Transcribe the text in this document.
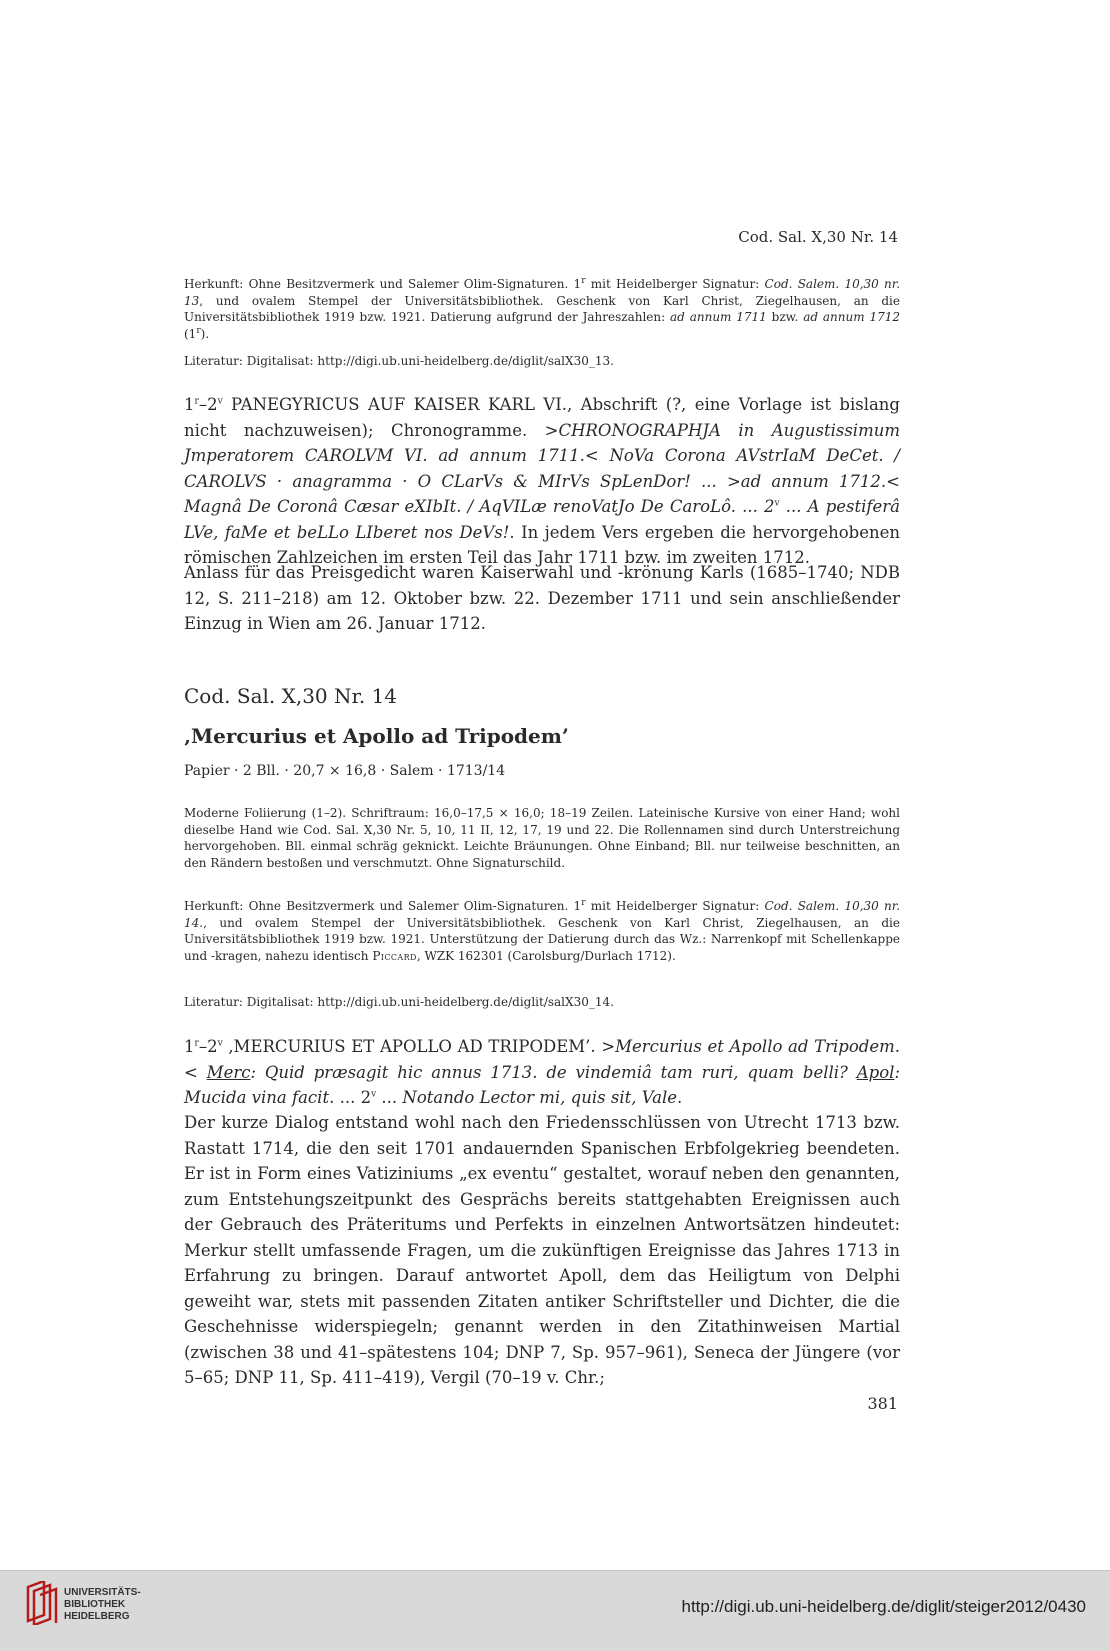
Cod. Sal. X,30 Nr. 14
Herkunft: Ohne Besitzvermerk und Salemer Olim-Signaturen. 1$^r$ mit Heidelberger Signatur: Cod. Salem. 10,30 nr. 13, und ovalem Stempel der Universitätsbibliothek. Geschenk von Karl Christ, Ziegelhausen, an die Universitätsbibliothek 1919 bzw. 1921. Datierung aufgrund der Jahreszahlen: ad annum 1711 bzw. ad annum 1712 (1$^r$).
Literatur: Digitalisat: http://digi.ub.uni-heidelberg.de/diglit/salX30_13.
1$^r$–2$^v$ PANEGYRICUS AUF KAISER KARL VI., Abschrift (?, eine Vorlage ist bislang nicht nachzuweisen); Chronogramme. >CHRONOGRAPHJA in Augustissimum Jmperatorem CAROLVM VI. ad annum 1711.< NoVa Corona AVstrIaM DeCet. / CAROLVS · anagramma · O CLarVs & MIrVs SpLenDor! ... >ad annum 1712.< Magnâ De Coronâ Cæsar eXIbIt. / AqVILæ renoVatJo De CaroLô. ... 2$^v$ ... A pestiferâ LVe, faMe et beLLo LIberet nos DeVs!. In jedem Vers ergeben die hervorgehobenen römischen Zahlzeichen im ersten Teil das Jahr 1711 bzw. im zweiten 1712.
Anlass für das Preisgedicht waren Kaiserwahl und -krönung Karls (1685–1740; NDB 12, S. 211–218) am 12. Oktober bzw. 22. Dezember 1711 und sein anschließender Einzug in Wien am 26. Januar 1712.
Cod. Sal. X,30 Nr. 14
‚Mercurius et Apollo ad Tripodem’
Papier · 2 Bll. · 20,7 × 16,8 · Salem · 1713/14
Moderne Foliierung (1–2). Schriftraum: 16,0–17,5 × 16,0; 18–19 Zeilen. Lateinische Kursive von einer Hand; wohl dieselbe Hand wie Cod. Sal. X,30 Nr. 5, 10, 11 II, 12, 17, 19 und 22. Die Rollennamen sind durch Unterstreichung hervorgehoben. Bll. einmal schräg geknickt. Leichte Bräunungen. Ohne Einband; Bll. nur teilweise beschnitten, an den Rändern bestoßen und verschmutzt. Ohne Signaturschild.
Herkunft: Ohne Besitzvermerk und Salemer Olim-Signaturen. 1$^r$ mit Heidelberger Signatur: Cod. Salem. 10,30 nr. 14., und ovalem Stempel der Universitätsbibliothek. Geschenk von Karl Christ, Ziegelhausen, an die Universitätsbibliothek 1919 bzw. 1921. Unterstützung der Datierung durch das Wz.: Narrenkopf mit Schellenkappe und -kragen, nahezu identisch Piccard, WZK 162301 (Carolsburg/Durlach 1712).
Literatur: Digitalisat: http://digi.ub.uni-heidelberg.de/diglit/salX30_14.
1$^r$–2$^v$ ‚MERCURIUS ET APOLLO AD TRIPODEM’. >Mercurius et Apollo ad Tripodem.< Merc: Quid præsagit hic annus 1713. de vindemiâ tam ruri, quam belli? Apol: Mucida vina facit. ... 2$^v$ ... Notando Lector mi, quis sit, Vale.
Der kurze Dialog entstand wohl nach den Friedensschlüssen von Utrecht 1713 bzw. Rastatt 1714, die den seit 1701 andauernden Spanischen Erbfolgekrieg beendeten. Er ist in Form eines Vatiziniums „ex eventu“ gestaltet, worauf neben den genannten, zum Entstehungszeitpunkt des Gesprächs bereits stattgehabten Ereignissen auch der Gebrauch des Präteritums und Perfekts in einzelnen Antwortsätzen hindeutet: Merkur stellt umfassende Fragen, um die zukünftigen Ereignisse das Jahres 1713 in Erfahrung zu bringen. Darauf antwortet Apoll, dem das Heiligtum von Delphi geweiht war, stets mit passenden Zitaten antiker Schriftsteller und Dichter, die die Geschehnisse widerspiegeln; genannt werden in den Zitathinweisen Martial (zwischen 38 und 41–spätestens 104; DNP 7, Sp. 957–961), Seneca der Jüngere (vor 5–65; DNP 11, Sp. 411–419), Vergil (70–19 v. Chr.;
381
UNIVERSITÄTS-
BIBLIOTHEK
HEIDELBERG
http://digi.ub.uni-heidelberg.de/diglit/steiger2012/0430
